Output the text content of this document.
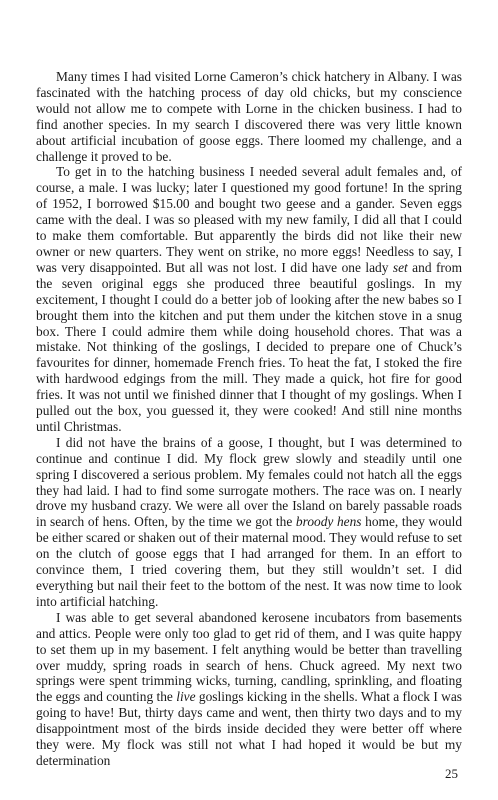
Many times I had visited Lorne Cameron’s chick hatchery in Albany. I was fascinated with the hatching process of day old chicks, but my conscience would not allow me to compete with Lorne in the chicken business. I had to find another species. In my search I discovered there was very little known about artificial incubation of goose eggs. There loomed my challenge, and a challenge it proved to be.

To get in to the hatching business I needed several adult females and, of course, a male. I was lucky; later I questioned my good fortune! In the spring of 1952, I borrowed $15.00 and bought two geese and a gander. Seven eggs came with the deal. I was so pleased with my new family, I did all that I could to make them comfortable. But apparently the birds did not like their new owner or new quarters. They went on strike, no more eggs! Needless to say, I was very disappointed. But all was not lost. I did have one lady set and from the seven original eggs she produced three beautiful goslings. In my excitement, I thought I could do a better job of looking after the new babes so I brought them into the kitchen and put them under the kitchen stove in a snug box. There I could admire them while doing household chores. That was a mistake. Not thinking of the goslings, I decided to prepare one of Chuck’s favourites for dinner, homemade French fries. To heat the fat, I stoked the fire with hardwood edgings from the mill. They made a quick, hot fire for good fries. It was not until we finished dinner that I thought of my goslings. When I pulled out the box, you guessed it, they were cooked! And still nine months until Christmas.

I did not have the brains of a goose, I thought, but I was determined to continue and continue I did. My flock grew slowly and steadily until one spring I discovered a serious problem. My females could not hatch all the eggs they had laid. I had to find some surrogate mothers. The race was on. I nearly drove my husband crazy. We were all over the Island on barely passable roads in search of hens. Often, by the time we got the broody hens home, they would be either scared or shaken out of their maternal mood. They would refuse to set on the clutch of goose eggs that I had arranged for them. In an effort to convince them, I tried covering them, but they still wouldn’t set. I did everything but nail their feet to the bottom of the nest. It was now time to look into artificial hatching.

I was able to get several abandoned kerosene incubators from basements and attics. People were only too glad to get rid of them, and I was quite happy to set them up in my basement. I felt anything would be better than travelling over muddy, spring roads in search of hens. Chuck agreed. My next two springs were spent trimming wicks, turning, candling, sprinkling, and floating the eggs and counting the live goslings kicking in the shells. What a flock I was going to have! But, thirty days came and went, then thirty two days and to my disappointment most of the birds inside decided they were better off where they were. My flock was still not what I had hoped it would be but my determination

25
